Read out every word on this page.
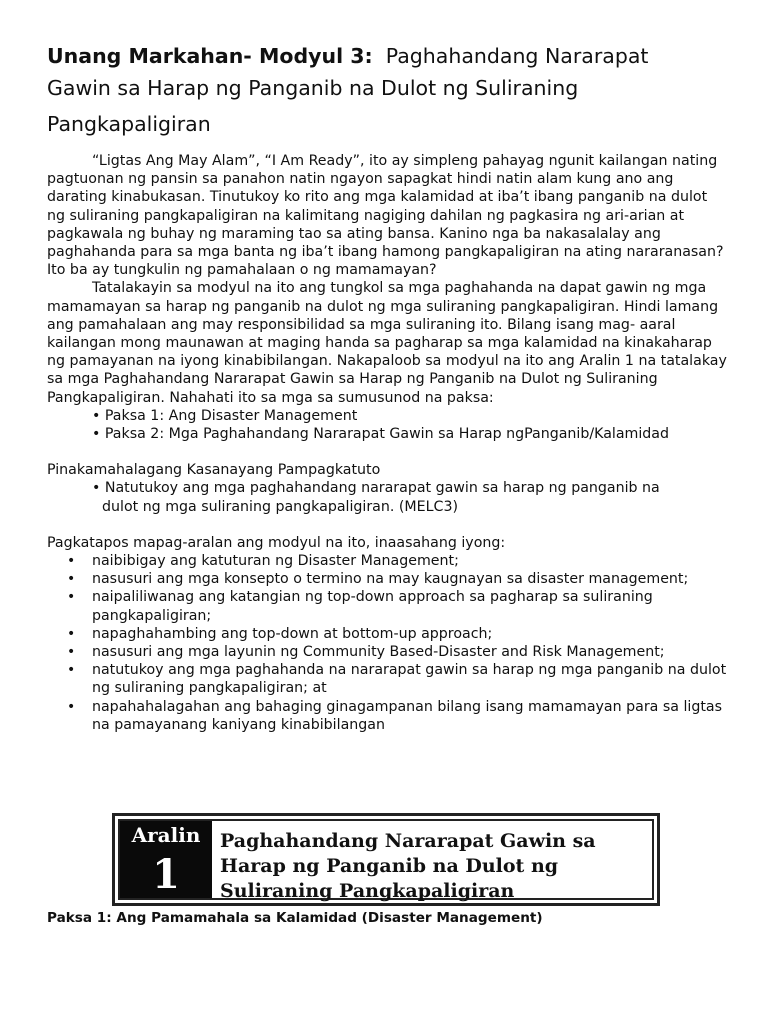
Unang Markahan- Modyul 3: Paghahandang Nararapat
Gawin sa Harap ng Panganib na Dulot ng Suliraning
Pangkapaligiran

“Ligtas Ang May Alam”, “I Am Ready”, ito ay simpleng pahayag ngunit kailangan nating pagtuonan ng pansin sa panahon natin ngayon sapagkat hindi natin alam kung ano ang darating kinabukasan. Tinutukoy ko rito ang mga kalamidad at iba’t ibang panganib na dulot ng suliraning pangkapaligiran na kalimitang nagiging dahilan ng pagkasira ng ari-arian at pagkawala ng buhay ng maraming tao sa ating bansa. Kanino nga ba nakasalalay ang paghahanda para sa mga banta ng iba’t ibang hamong pangkapaligiran na ating nararanasan? Ito ba ay tungkulin ng pamahalaan o ng mamamayan?

Tatalakayin sa modyul na ito ang tungkol sa mga paghahanda na dapat gawin ng mga mamamayan sa harap ng panganib na dulot ng mga suliraning pangkapaligiran. Hindi lamang ang pamahalaan ang may responsibilidad sa mga suliraning ito. Bilang isang mag- aaral kailangan mong maunawan at maging handa sa pagharap sa mga kalamidad na kinakaharap ng pamayanan na iyong kinabibilangan. Nakapaloob sa modyul na ito ang Aralin 1 na tatalakay sa mga Paghahandang Nararapat Gawin sa Harap ng Panganib na Dulot ng Suliraning Pangkapaligiran. Nahahati ito sa mga sa sumusunod na paksa:

• Paksa 1: Ang Disaster Management

• Paksa 2: Mga Paghahandang Nararapat Gawin sa Harap ngPanganib/Kalamidad

Pinakamahalagang Kasanayang Pampagkatuto

• Natutukoy ang mga paghahandang nararapat gawin sa harap ng panganib na
dulot ng mga suliraning pangkapaligiran. (MELC3)

Pagkatapos mapag-aralan ang modyul na ito, inaasahang iyong:

• naibibigay ang katuturan ng Disaster Management;
• nasusuri ang mga konsepto o termino na may kaugnayan sa disaster management;
• naipaliliwanag ang katangian ng top-down approach sa pagharap sa suliraning pangkapaligiran;
• napaghahambing ang top-down at bottom-up approach;
• nasusuri ang mga layunin ng Community Based-Disaster and Risk Management;
• natutukoy ang mga paghahanda na nararapat gawin sa harap ng mga panganib na dulot ng suliraning pangkapaligiran; at
• napahahalagahan ang bahaging ginagampanan bilang isang mamamayan para sa ligtas na pamayanang kaniyang kinabibilangan
Aralin
1
Paghahandang Nararapat Gawin sa
Harap ng Panganib na Dulot ng
Suliraning Pangkapaligiran
Paksa 1: Ang Pamamahala sa Kalamidad (Disaster Management)
